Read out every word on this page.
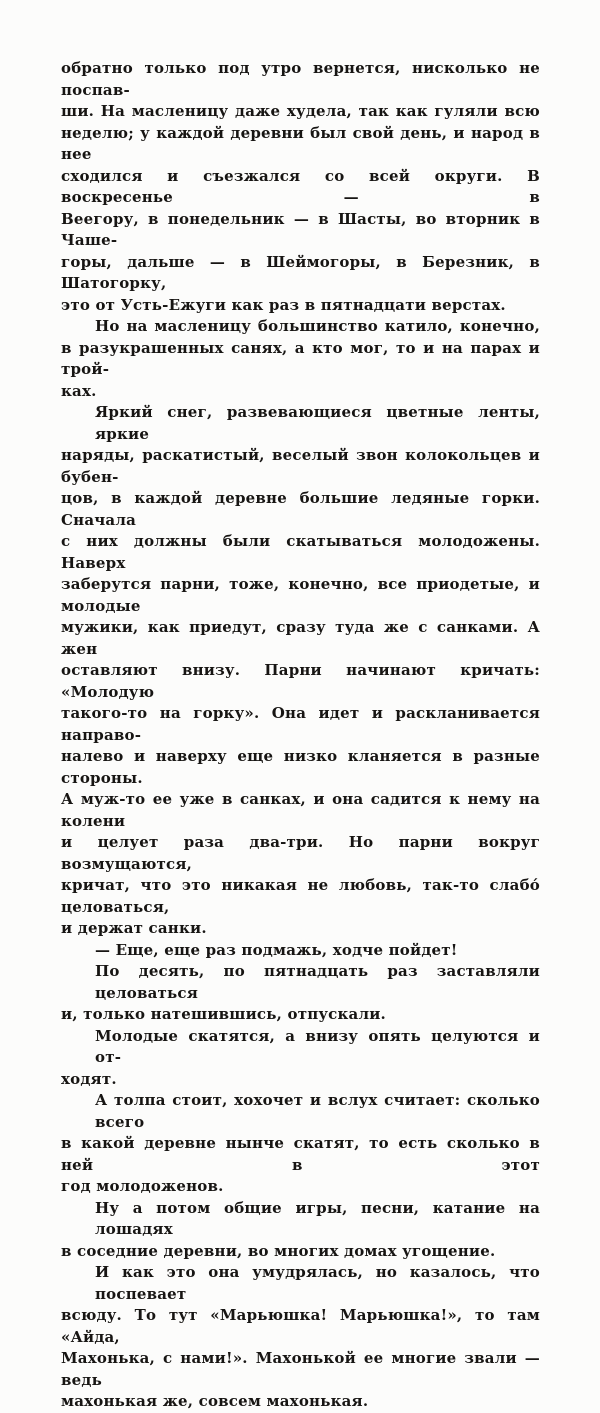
обратно только под утро вернется, нисколько не поспав-
ши. На масленицу даже худела, так как гуляли всю
неделю; у каждой деревни был свой день, и народ в нее
сходился и съезжался со всей округи. В воскресенье — в
Веегору, в понедельник — в Шасты, во вторник в Чаше-
горы, дальше — в Шеймогоры, в Березник, в Шатогорку,
это от Усть-Ежуги как раз в пятнадцати верстах.
Но на масленицу большинство катило, конечно,
в разукрашенных санях, а кто мог, то и на парах и трой-
ках.
Яркий снег, развевающиеся цветные ленты, яркие
наряды, раскатистый, веселый звон колокольцев и бубен-
цов, в каждой деревне большие ледяные горки. Сначала
с них должны были скатываться молодожены. Наверх
заберутся парни, тоже, конечно, все приодетые, и молодые
мужики, как приедут, сразу туда же с санками. А жен
оставляют внизу. Парни начинают кричать: «Молодую
такого-то на горку». Она идет и раскланивается направо-
налево и наверху еще низко кланяется в разные стороны.
А муж-то ее уже в санках, и она садится к нему на колени
и целует раза два-три. Но парни вокруг возмущаются,
кричат, что это никакая не любовь, так-то слабо́ целоваться,
и держат санки.
— Еще, еще раз подмажь, ходче пойдет!
По десять, по пятнадцать раз заставляли целоваться
и, только натешившись, отпускали.
Молодые скатятся, а внизу опять целуются и от-
ходят.
А толпа стоит, хохочет и вслух считает: сколько всего
в какой деревне нынче скатят, то есть сколько в ней в этот
год молодоженов.
Ну а потом общие игры, песни, катание на лошадях
в соседние деревни, во многих домах угощение.
И как это она умудрялась, но казалось, что поспевает
всюду. То тут «Марьюшка! Марьюшка!», то там «Айда,
Махонька, с нами!». Махонькой ее многие звали — ведь
махонькая же, совсем махонькая.
